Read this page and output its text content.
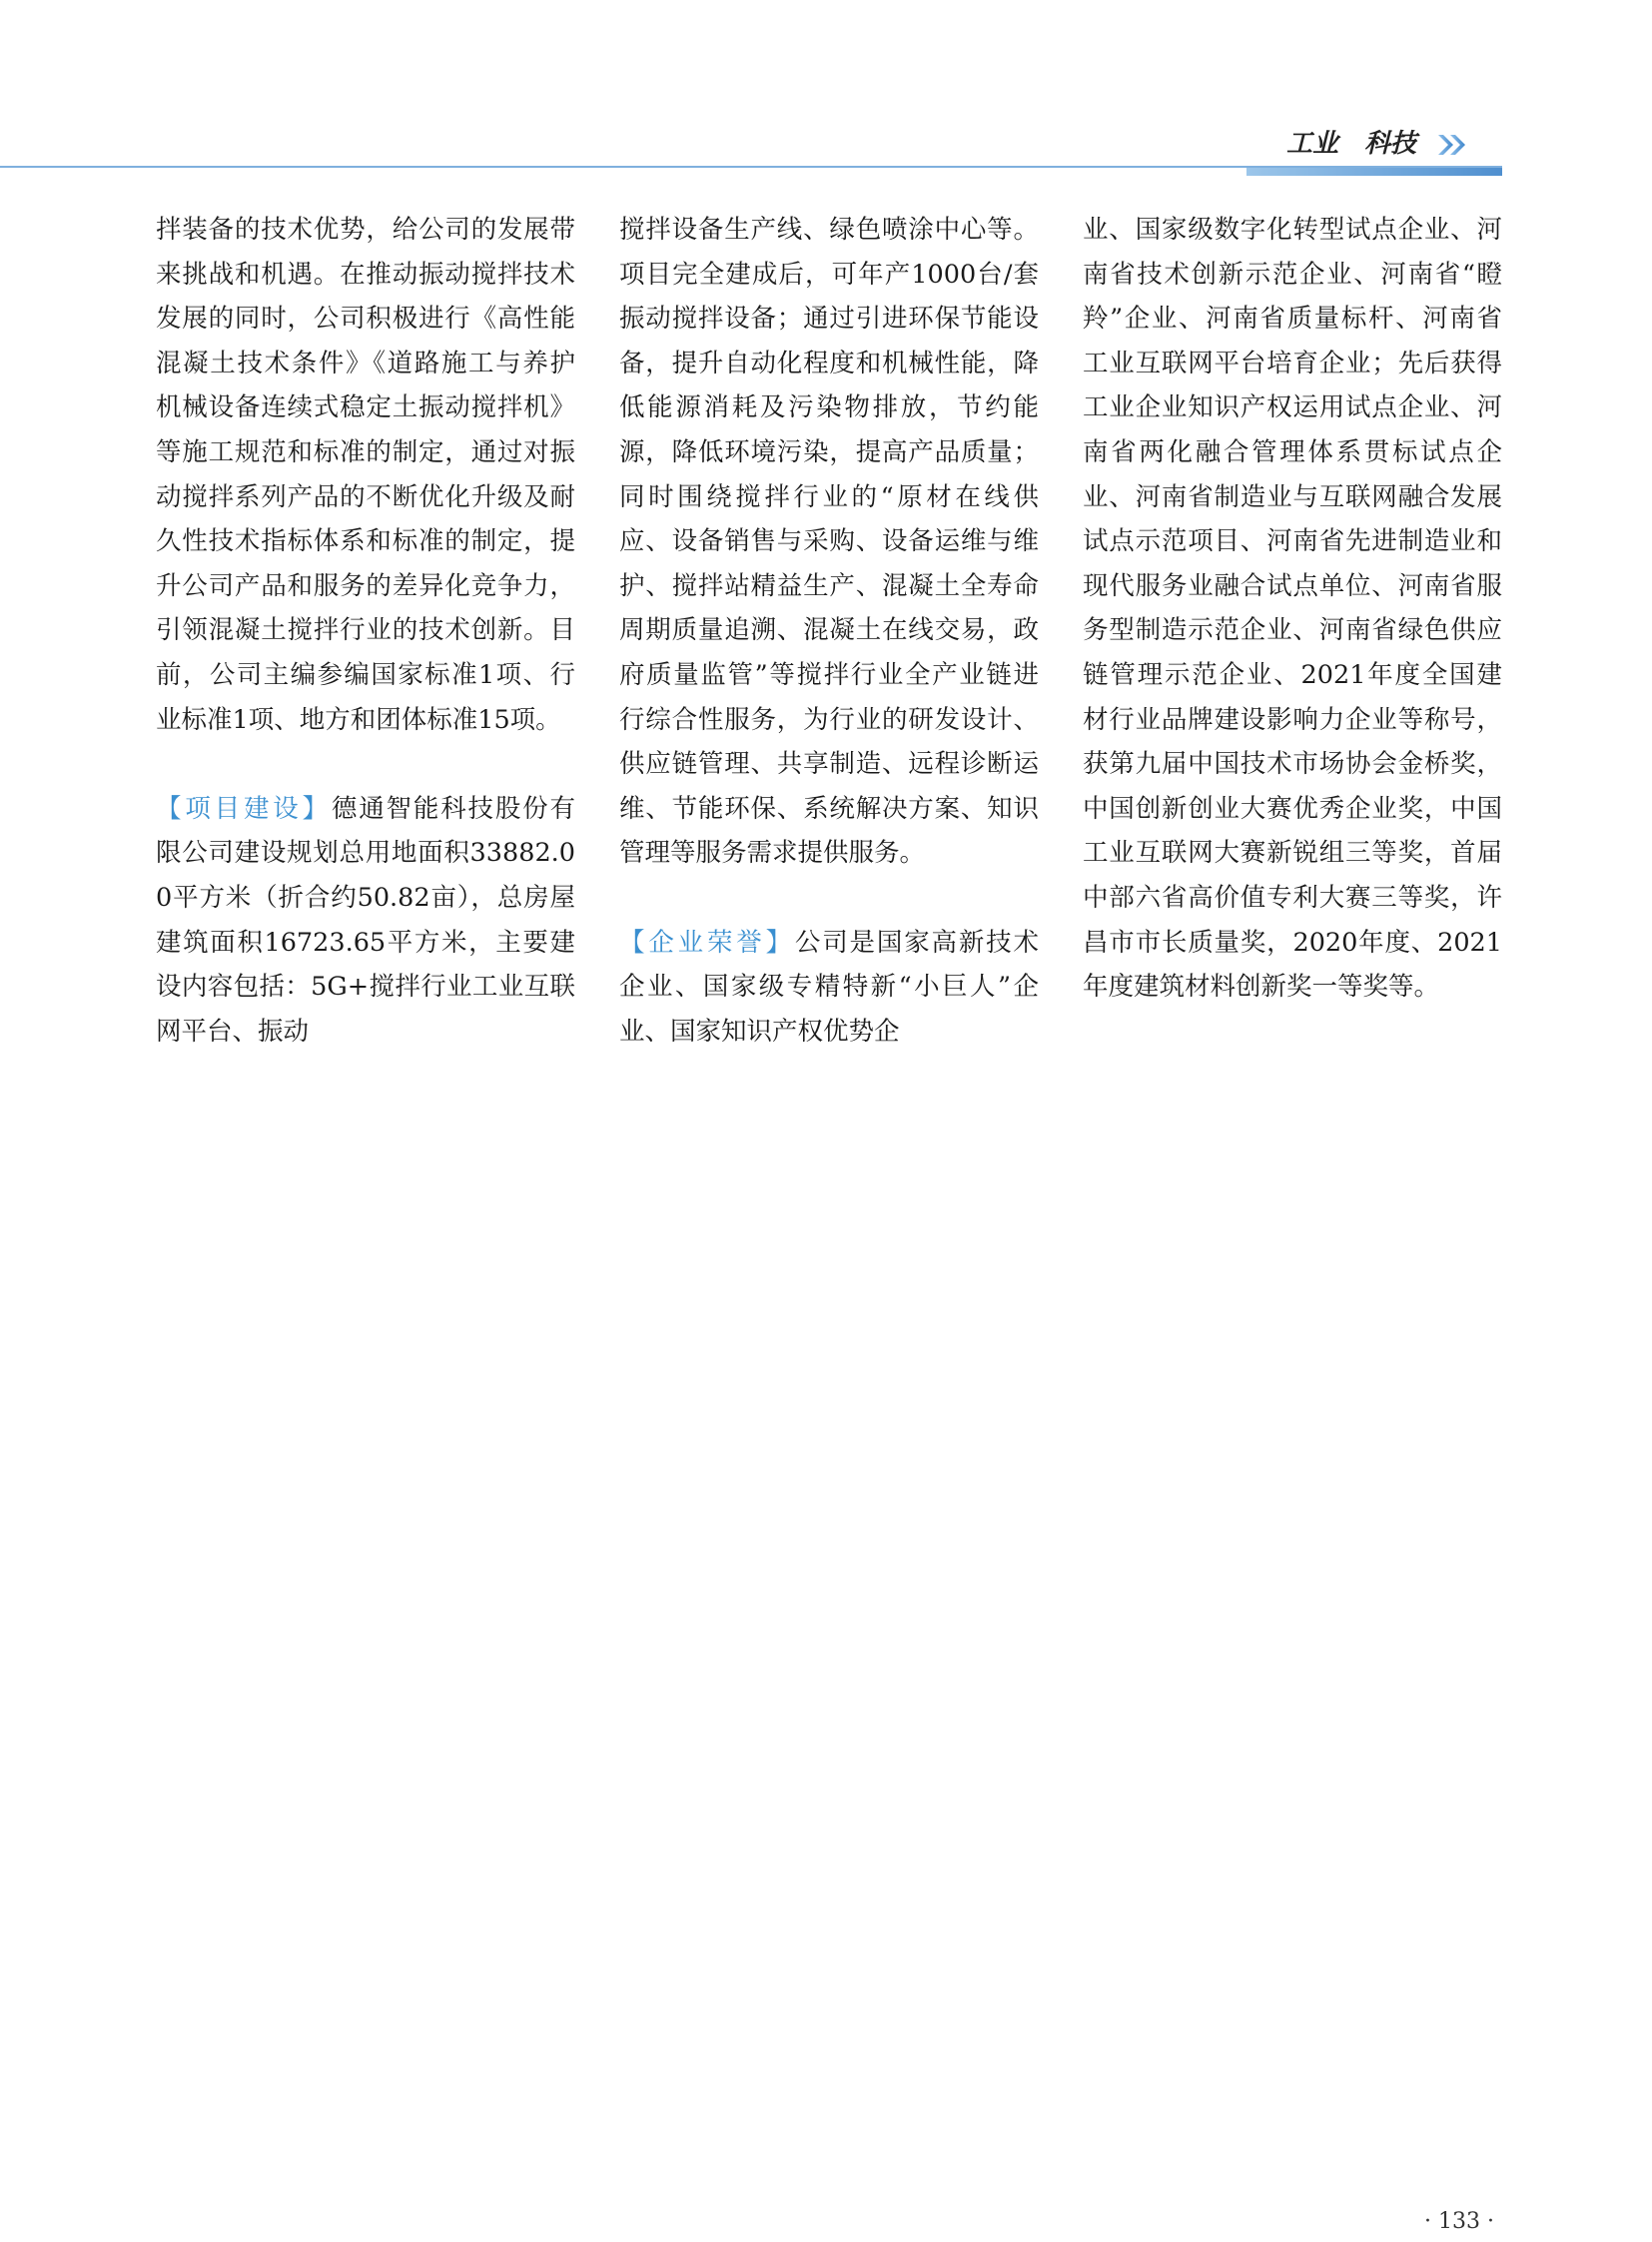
工业 科技

拌装备的技术优势，给公司的发展带来挑战和机遇。在推动振动搅拌技术发展的同时，公司积极进行《高性能混凝土技术条件》《道路施工与养护机械设备连续式稳定土振动搅拌机》等施工规范和标准的制定，通过对振动搅拌系列产品的不断优化升级及耐久性技术指标体系和标准的制定，提升公司产品和服务的差异化竞争力，引领混凝土搅拌行业的技术创新。目前，公司主编参编国家标准1项、行业标准1项、地方和团体标准15项。

【项目建设】德通智能科技股份有限公司建设规划总用地面积33882.00平方米（折合约50.82亩），总房屋建筑面积16723.65平方米，主要建设内容包括：5G+搅拌行业工业互联网平台、振动

搅拌设备生产线、绿色喷涂中心等。项目完全建成后，可年产1000台/套振动搅拌设备；通过引进环保节能设备，提升自动化程度和机械性能，降低能源消耗及污染物排放，节约能源，降低环境污染，提高产品质量；同时围绕搅拌行业的“原材在线供应、设备销售与采购、设备运维与维护、搅拌站精益生产、混凝土全寿命周期质量追溯、混凝土在线交易，政府质量监管”等搅拌行业全产业链进行综合性服务，为行业的研发设计、供应链管理、共享制造、远程诊断运维、节能环保、系统解决方案、知识管理等服务需求提供服务。

【企业荣誉】公司是国家高新技术企业、国家级专精特新“小巨人”企业、国家知识产权优势企

业、国家级数字化转型试点企业、河南省技术创新示范企业、河南省“瞪羚”企业、河南省质量标杆、河南省工业互联网平台培育企业；先后获得工业企业知识产权运用试点企业、河南省两化融合管理体系贯标试点企业、河南省制造业与互联网融合发展试点示范项目、河南省先进制造业和现代服务业融合试点单位、河南省服务型制造示范企业、河南省绿色供应链管理示范企业、2021年度全国建材行业品牌建设影响力企业等称号，获第九届中国技术市场协会金桥奖，中国创新创业大赛优秀企业奖，中国工业互联网大赛新锐组三等奖，首届中部六省高价值专利大赛三等奖，许昌市市长质量奖，2020年度、2021年度建筑材料创新奖一等奖等。

· 133 ·
